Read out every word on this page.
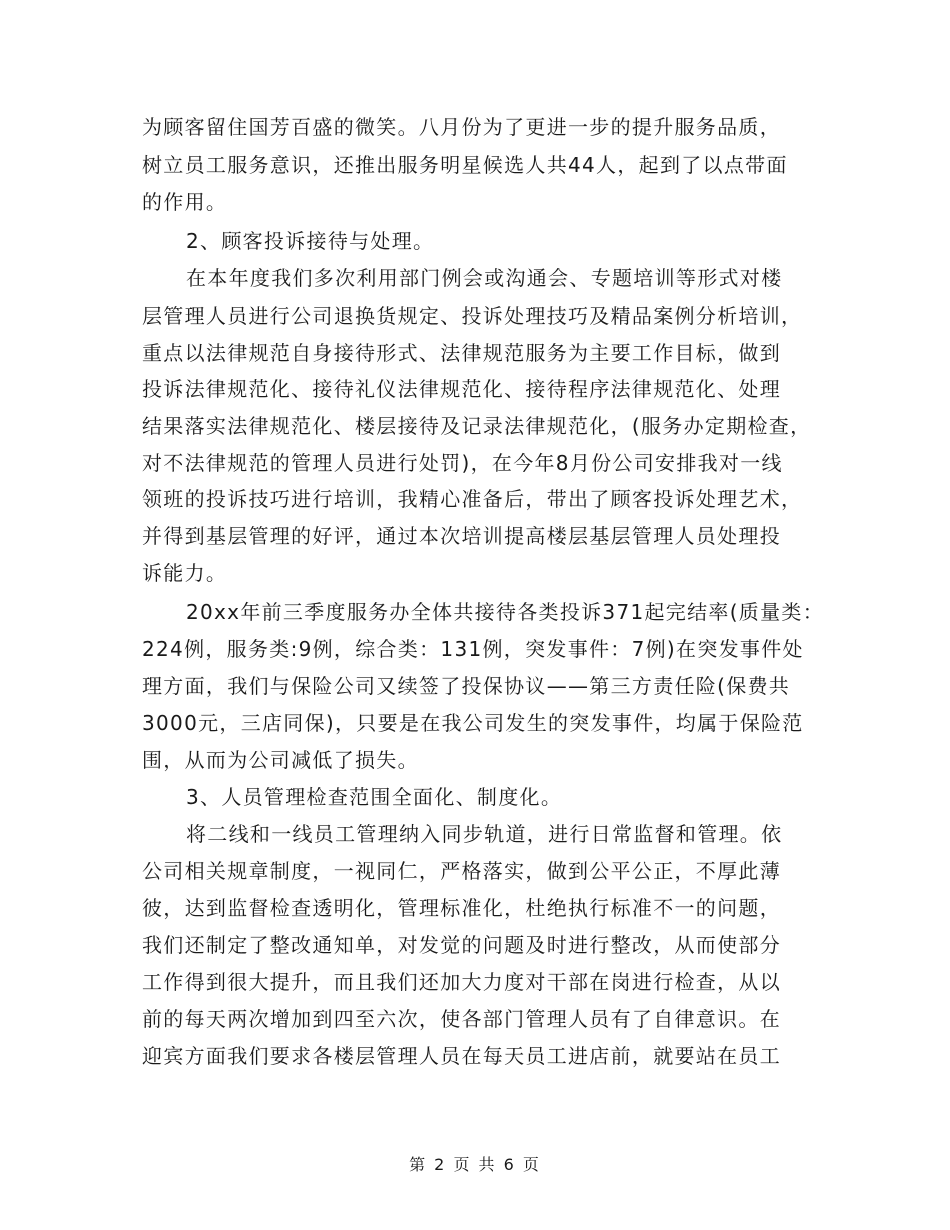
为顾客留住国芳百盛的微笑。八月份为了更进一步的提升服务品质，
树立员工服务意识，还推出服务明星候选人共44人，起到了以点带面
的作用。
2、顾客投诉接待与处理。
在本年度我们多次利用部门例会或沟通会、专题培训等形式对楼
层管理人员进行公司退换货规定、投诉处理技巧及精品案例分析培训，
重点以法律规范自身接待形式、法律规范服务为主要工作目标，做到
投诉法律规范化、接待礼仪法律规范化、接待程序法律规范化、处理
结果落实法律规范化、楼层接待及记录法律规范化，(服务办定期检查，
对不法律规范的管理人员进行处罚)，在今年8月份公司安排我对一线
领班的投诉技巧进行培训，我精心准备后，带出了顾客投诉处理艺术，
并得到基层管理的好评，通过本次培训提高楼层基层管理人员处理投
诉能力。
20xx年前三季度服务办全体共接待各类投诉371起完结率(质量类：
224例，服务类:9例，综合类：131例，突发事件：7例)在突发事件处
理方面，我们与保险公司又续签了投保协议——第三方责任险(保费共
3000元，三店同保)，只要是在我公司发生的突发事件，均属于保险范
围，从而为公司减低了损失。
3、人员管理检查范围全面化、制度化。
将二线和一线员工管理纳入同步轨道，进行日常监督和管理。依
公司相关规章制度，一视同仁，严格落实，做到公平公正，不厚此薄
彼，达到监督检查透明化，管理标准化，杜绝执行标准不一的问题，
我们还制定了整改通知单，对发觉的问题及时进行整改，从而使部分
工作得到很大提升，而且我们还加大力度对干部在岗进行检查，从以
前的每天两次增加到四至六次，使各部门管理人员有了自律意识。在
迎宾方面我们要求各楼层管理人员在每天员工进店前，就要站在员工
第 2 页 共 6 页
